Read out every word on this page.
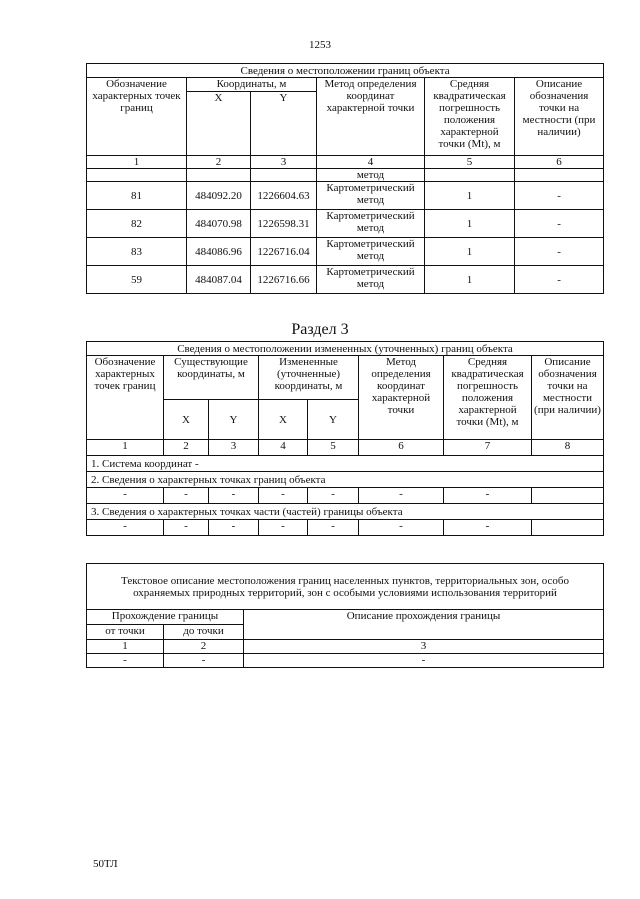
1253
Сведения о местоположении границ объекта					
Обозначение характерных точек границ	Координаты, м		Метод определения координат характерной точки	Средняя квадратическая погрешность положения характерной точки (Mt), м	Описание обозначения точки на местности (при наличии)
	X	Y			
1	2	3	4	5	6
			метод		
81	484092.20	1226604.63	Картометрический метод	1	-
82	484070.98	1226598.31	Картометрический метод	1	-
83	484086.96	1226716.04	Картометрический метод	1	-
59	484087.04	1226716.66	Картометрический метод	1	-
Раздел 3
Сведения о местоположении измененных (уточненных) границ объекта							
Обозначение характерных точек границ	Существующие координаты, м		Измененные (уточненные) координаты, м		Метод определения координат характерной точки	Средняя квадратическая погрешность положения характерной точки (Mt), м	Описание обозначения точки на местности (при наличии)
	X	Y	X	Y			
1	2	3	4	5	6	7	8
1. Система координат -							
2. Сведения о характерных точках границ объекта							
-	-	-	-	-	-	-	
3. Сведения о характерных точках части (частей) границы объекта							
-	-	-	-	-	-	-	
Текстовое описание местоположения границ населенных пунктов, территориальных зон, особо охраняемых природных территорий, зон с особыми условиями использования территорий		
Прохождение границы		Описание прохождения границы
от точки	до точки	
1	2	3
-	-	-
50ТЛ
